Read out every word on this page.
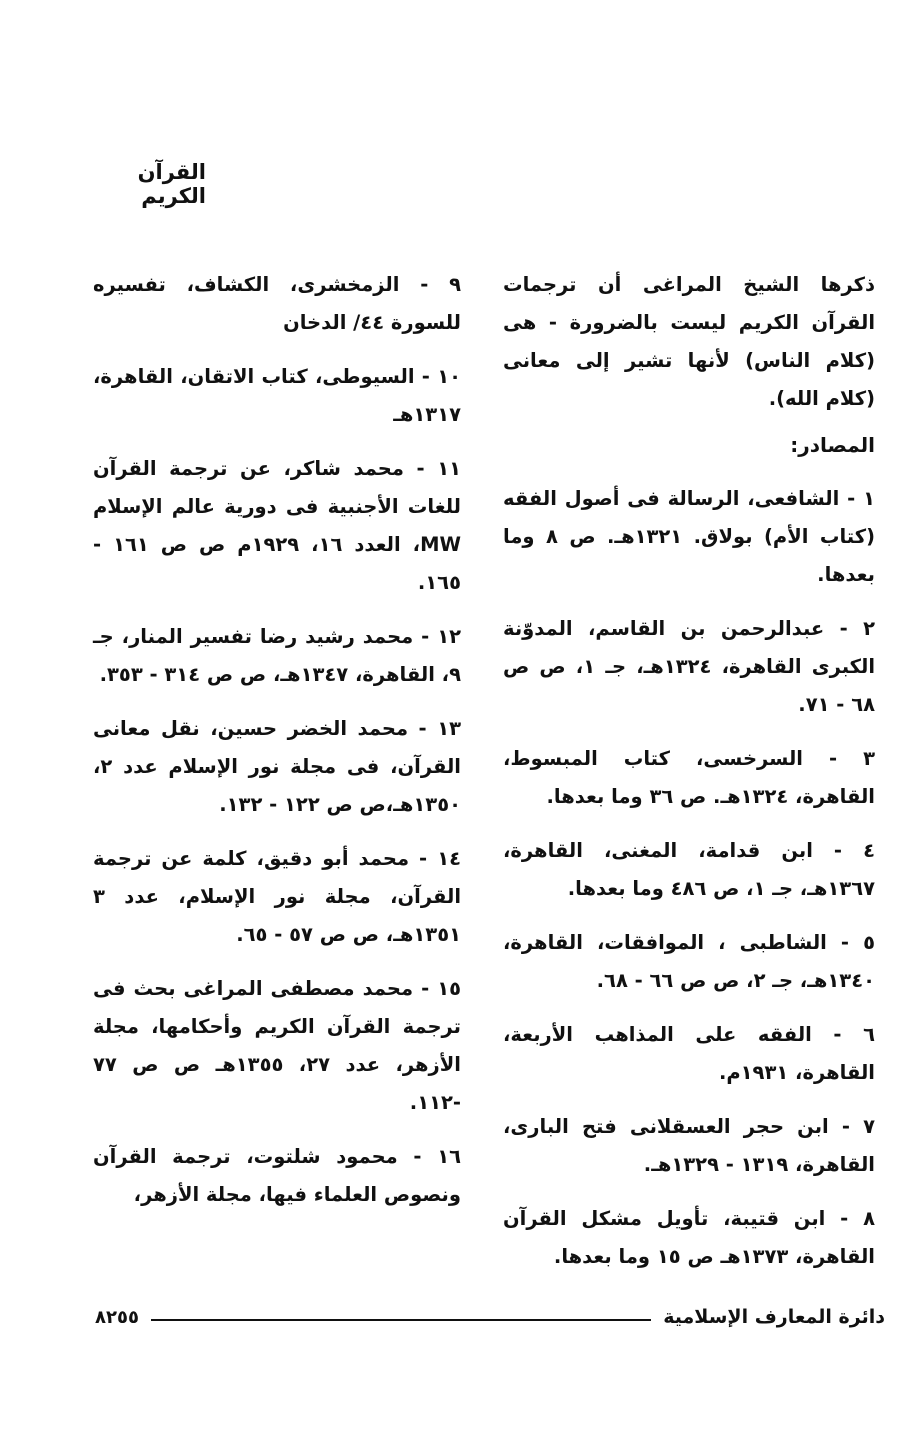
القرآن الكريم

ذكرها الشيخ المراغى أن ترجمات القرآن الكريم ليست بالضرورة - هى (كلام الناس) لأنها تشير إلى معانى (كلام الله).

المصادر:

١ - الشافعى، الرسالة فى أصول الفقه (كتاب الأم) بولاق. ١٣٢١هـ. ص ٨ وما بعدها.

٢ - عبدالرحمن بن القاسم، المدوّنة الكبرى القاهرة، ١٣٢٤هـ، جـ ١، ص ص ٦٨ - ٧١.

٣ - السرخسى، كتاب المبسوط، القاهرة، ١٣٢٤هـ. ص ٣٦ وما بعدها.

٤ - ابن قدامة، المغنى، القاهرة، ١٣٦٧هـ، جـ ١، ص ٤٨٦ وما بعدها.

٥ - الشاطبى ، الموافقات، القاهرة، ١٣٤٠هـ، جـ ٢، ص ص ٦٦ - ٦٨.

٦ - الفقه على المذاهب الأربعة، القاهرة، ١٩٣١م.

٧ - ابن حجر العسقلانى فتح البارى، القاهرة، ١٣١٩ - ١٣٢٩هـ.

٨ - ابن قتيبة، تأويل مشكل القرآن القاهرة، ١٣٧٣هـ ص ١٥ وما بعدها.

٩ - الزمخشرى، الكشاف، تفسيره للسورة ٤٤/ الدخان

١٠ - السيوطى، كتاب الاتقان، القاهرة، ١٣١٧هـ

١١ - محمد شاكر، عن ترجمة القرآن للغات الأجنبية فى دورية عالم الإسلام MW، العدد ١٦، ١٩٢٩م ص ص ١٦١ - ١٦٥.

١٢ - محمد رشيد رضا تفسير المنار، جـ ٩، القاهرة، ١٣٤٧هـ، ص ص ٣١٤ - ٣٥٣.

١٣ - محمد الخضر حسين، نقل معانى القرآن، فى مجلة نور الإسلام عدد ٢، ١٣٥٠هـ،ص ص ١٢٢ - ١٣٢.

١٤ - محمد أبو دقيق، كلمة عن ترجمة القرآن، مجلة نور الإسلام، عدد ٣ ١٣٥١هـ، ص ص ٥٧ - ٦٥.

١٥ - محمد مصطفى المراغى بحث فى ترجمة القرآن الكريم وأحكامها، مجلة الأزهر، عدد ٢٧، ١٣٥٥هـ ص ص ٧٧ -١١٢.

١٦ - محمود شلتوت، ترجمة القرآن ونصوص العلماء فيها، مجلة الأزهر،

دائرة المعارف الإسلامية
٨٢٥٥
